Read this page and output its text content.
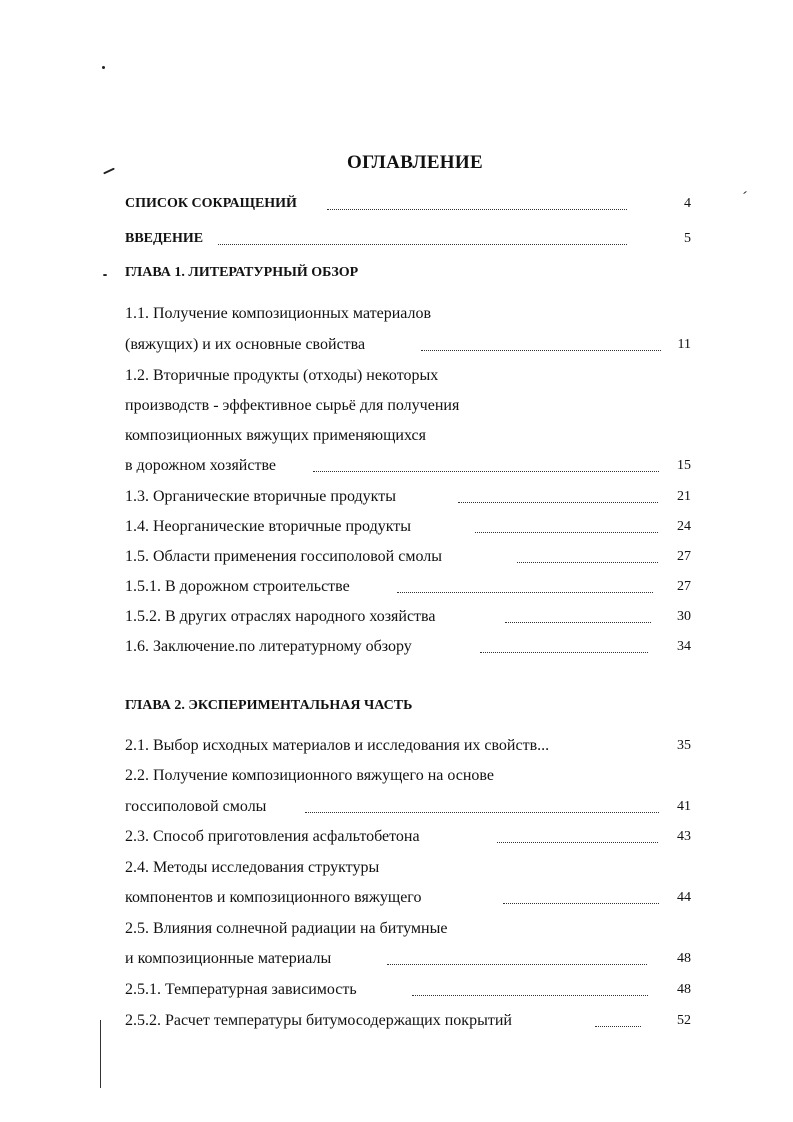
ОГЛАВЛЕНИЕ
СПИСОК СОКРАЩЕНИЙ	4
ВВЕДЕНИЕ	5
ГЛАВА 1. ЛИТЕРАТУРНЫЙ ОБЗОР
1.1. Получение композиционных материалов
(вяжущих) и их основные свойства	11
1.2. Вторичные продукты (отходы) некоторых
производств - эффективное сырьё для получения
композиционных вяжущих применяющихся
в дорожном хозяйстве	15
1.3. Органические вторичные продукты	21
1.4. Неорганические вторичные продукты	24
1.5. Области применения госсиполовой смолы	27
1.5.1. В дорожном строительстве	27
1.5.2. В других отраслях народного хозяйства	30
1.6. Заключение.по литературному обзору	34
ГЛАВА 2. ЭКСПЕРИМЕНТАЛЬНАЯ ЧАСТЬ
2.1. Выбор исходных материалов и исследования их свойств...	35
2.2. Получение композиционного вяжущего на основе
госсиполовой смолы	41
2.3. Способ приготовления асфальтобетона	43
2.4. Методы исследования структуры
компонентов и композиционного вяжущего	44
2.5. Влияния солнечной радиации на битумные
и композиционные материалы	48
2.5.1. Температурная зависимость	48
2.5.2. Расчет температуры битумосодержащих покрытий	52
